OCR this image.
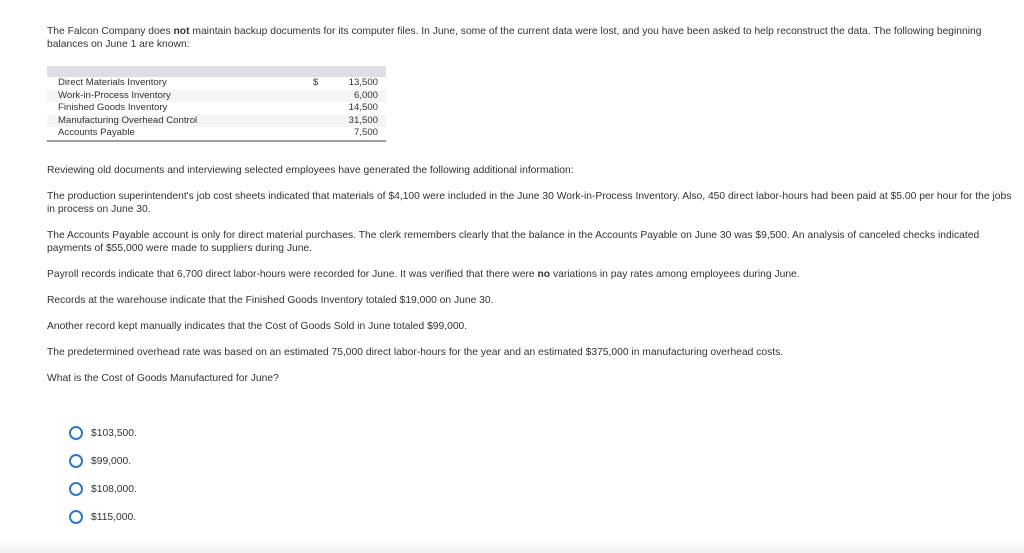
The Falcon Company does not maintain backup documents for its computer files. In June, some of the current data were lost, and you have been asked to help reconstruct the data. The following beginning balances on June 1 are known:

Direct Materials Inventory	$	13,500
Work-in-Process Inventory		6,000
Finished Goods Inventory		14,500
Manufacturing Overhead Control		31,500
Accounts Payable		7,500

Reviewing old documents and interviewing selected employees have generated the following additional information:

The production superintendent's job cost sheets indicated that materials of $4,100 were included in the June 30 Work-in-Process Inventory. Also, 450 direct labor-hours had been paid at $5.00 per hour for the jobs in process on June 30.

The Accounts Payable account is only for direct material purchases. The clerk remembers clearly that the balance in the Accounts Payable on June 30 was $9,500. An analysis of canceled checks indicated payments of $55,000 were made to suppliers during June.

Payroll records indicate that 6,700 direct labor-hours were recorded for June. It was verified that there were no variations in pay rates among employees during June.

Records at the warehouse indicate that the Finished Goods Inventory totaled $19,000 on June 30.

Another record kept manually indicates that the Cost of Goods Sold in June totaled $99,000.

The predetermined overhead rate was based on an estimated 75,000 direct labor-hours for the year and an estimated $375,000 in manufacturing overhead costs.

What is the Cost of Goods Manufactured for June?

$103,500.
$99,000.
$108,000.
$115,000.
